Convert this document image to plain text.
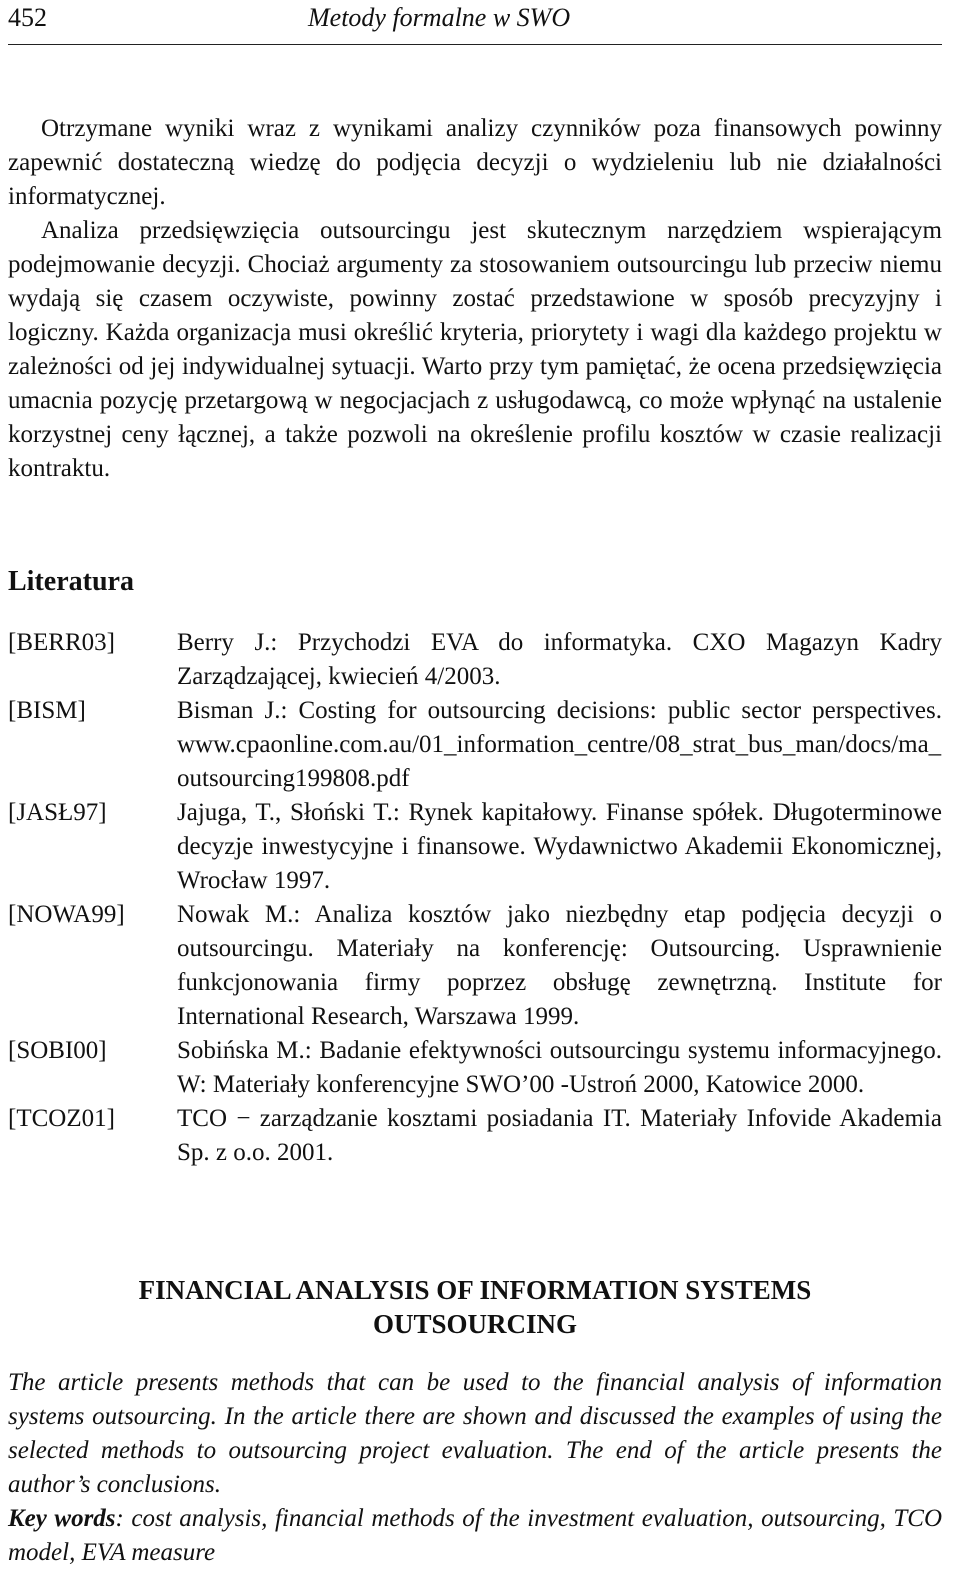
452	Metody formalne w SWO

Otrzymane wyniki wraz z wynikami analizy czynników poza finansowych powinny zapewnić dostateczną wiedzę do podjęcia decyzji o wydzieleniu lub nie działalności informatycznej.

Analiza przedsięwzięcia outsourcingu jest skutecznym narzędziem wspierającym podejmowanie decyzji. Chociaż argumenty za stosowaniem outsourcingu lub przeciw niemu wydają się czasem oczywiste, powinny zostać przedstawione w sposób precyzyjny i logiczny. Każda organizacja musi określić kryteria, priorytety i wagi dla każdego projektu w zależności od jej indywidualnej sytuacji. Warto przy tym pamiętać, że ocena przedsięwzięcia umacnia pozycję przetargową w negocjacjach z usługodawcą, co może wpłynąć na ustalenie korzystnej ceny łącznej, a także pozwoli na określenie profilu kosztów w czasie realizacji kontraktu.

Literatura
[BERR03]	Berry J.: Przychodzi EVA do informatyka. CXO Magazyn Kadry Zarządzającej, kwiecień 4/2003.
[BISM]	Bisman J.: Costing for outsourcing decisions: public sector perspectives. www.cpaonline.com.au/01_information_centre/08_strat_bus_man/docs/ma_outsourcing199808.pdf
[JASŁ97]	Jajuga, T., Słoński T.: Rynek kapitałowy. Finanse spółek. Długoterminowe decyzje inwestycyjne i finansowe. Wydawnictwo Akademii Ekonomicznej, Wrocław 1997.
[NOWA99]	Nowak M.: Analiza kosztów jako niezbędny etap podjęcia decyzji o outsourcingu. Materiały na konferencję: Outsourcing. Usprawnienie funkcjonowania firmy poprzez obsługę zewnętrzną. Institute for International Research, Warszawa 1999.
[SOBI00]	Sobińska M.: Badanie efektywności outsourcingu systemu informacyjnego. W: Materiały konferencyjne SWO’00 -Ustroń 2000, Katowice 2000.
[TCOZ01]	TCO − zarządzanie kosztami posiadania IT. Materiały Infovide Akademia Sp. z o.o. 2001.
FINANCIAL ANALYSIS OF INFORMATION SYSTEMS
OUTSOURCING

The article presents methods that can be used to the financial analysis of information systems outsourcing. In the article there are shown and discussed the examples of using the selected methods to outsourcing project evaluation. The end of the article presents the author’s conclusions.

Key words: cost analysis, financial methods of the investment evaluation, outsourcing, TCO model, EVA measure
